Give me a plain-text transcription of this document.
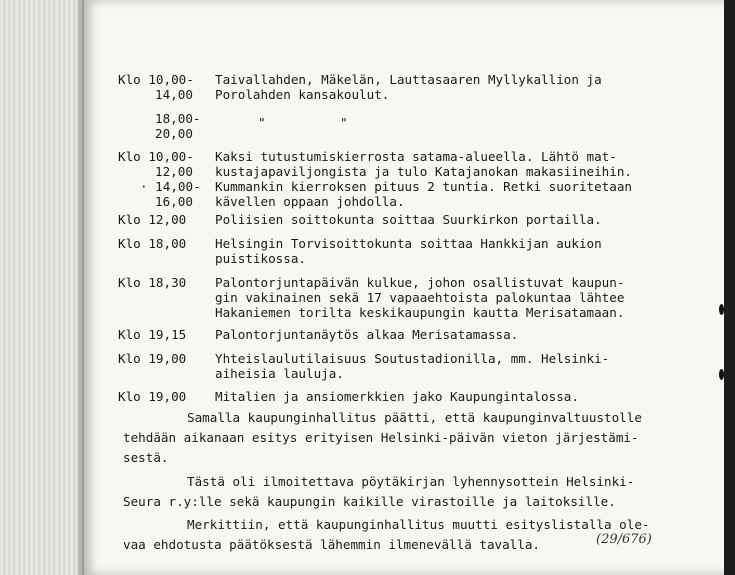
Klo 10,00- Taivallahden, Mäkelän, Lauttasaaren Myllykallion ja
14,00 Porolahden kansakoulut.
18,00-	"
20,00
"
Klo 10,00- Kaksi tutustumiskierrosta satama-alueella. Lähtö mat-
12,00 kustajapaviljongista ja tulo Katajanokan makasiineihin.
· 14,00- Kummankin kierroksen pituus 2 tuntia. Retki suoritetaan
16,00 kävellen oppaan johdolla.
Klo 12,00 Poliisien soittokunta soittaa Suurkirkon portailla.
Klo 18,00 Helsingin Torvisoittokunta soittaa Hankkijan aukion
puistikossa.
Klo 18,30 Palontorjuntapäivän kulkue, johon osallistuvat kaupun-
gin vakinainen sekä 17 vapaaehtoista palokuntaa lähtee
Hakaniemen torilta keskikaupungin kautta Merisatamaan.
Klo 19,15 Palontorjuntanäytös alkaa Merisatamassa.
Klo 19,00 Yhteislaulutilaisuus Soutustadionilla, mm. Helsinki-
aiheisia lauluja.
Klo 19,00 Mitalien ja ansiomerkkien jako Kaupungintalossa.
Samalla kaupunginhallitus päätti, että kaupunginvaltuustolle
tehdään aikanaan esitys erityisen Helsinki-päivän vieton järjestämi-
sestä.
Tästä oli ilmoitettava pöytäkirjan lyhennysottein Helsinki-
Seura r.y:lle sekä kaupungin kaikille virastoille ja laitoksille.
Merkittiin, että kaupunginhallitus muutti esityslistalla ole-
vaa ehdotusta päätöksestä lähemmin ilmenevällä tavalla.	(29/676)
